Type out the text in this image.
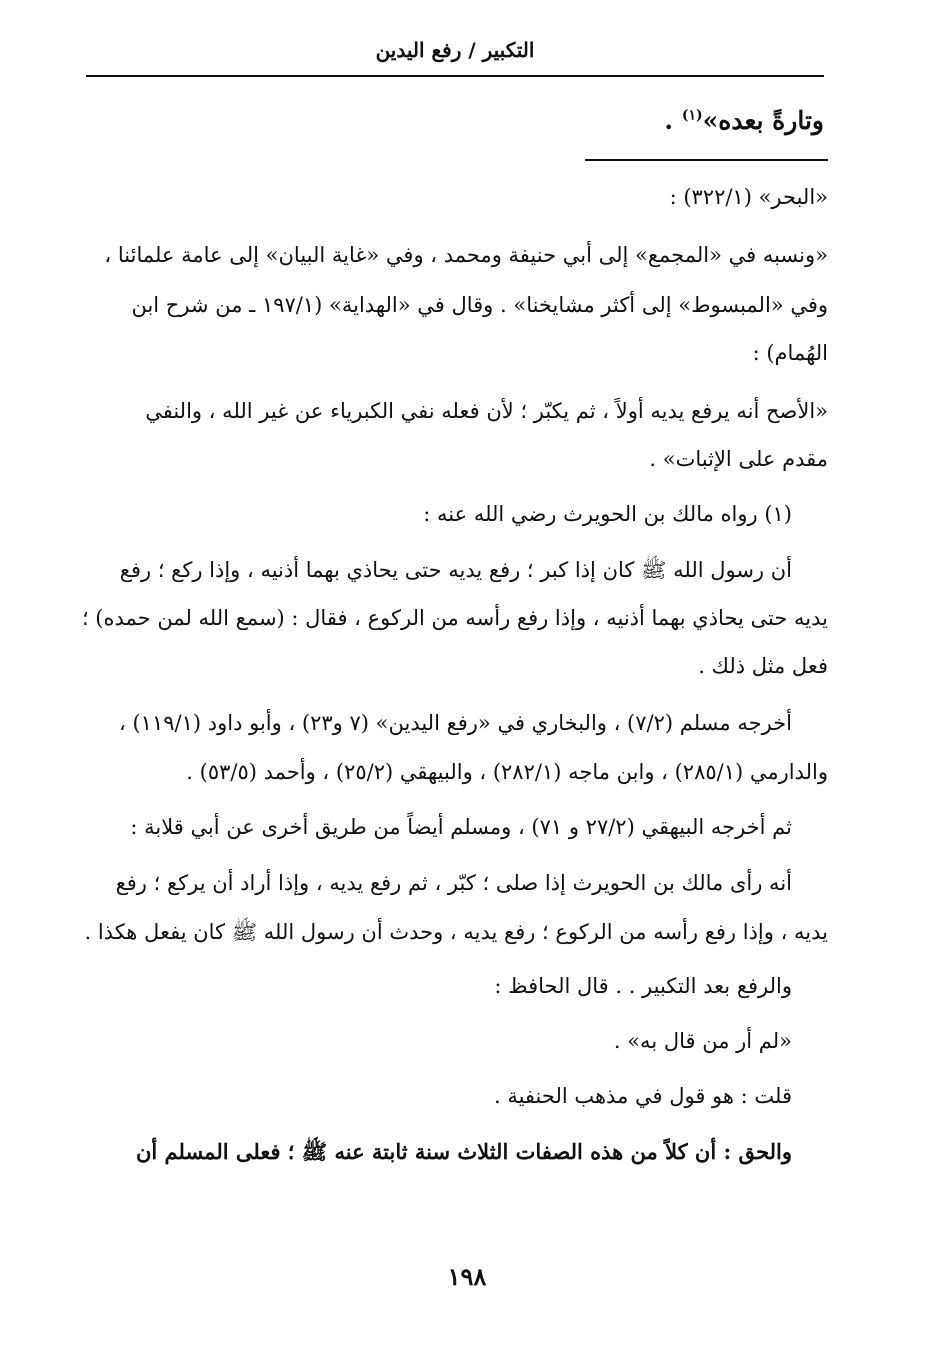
التكبير / رفع اليدين
وتارةً بعده»$^{(١)}$ .
«البحر» (٣٢٢/١) :
«ونسبه في «المجمع» إلى أبي حنيفة ومحمد ، وفي «غاية البيان» إلى عامة علمائنا ،
وفي «المبسوط» إلى أكثر مشايخنا» . وقال في «الهداية» (١٩٧/١ ـ من شرح ابن
الهُمام) :
«الأصح أنه يرفع يديه أولاً ، ثم يكبّر ؛ لأن فعله نفي الكبرياء عن غير الله ، والنفي
مقدم على الإثبات» .
(١) رواه مالك بن الحويرث رضي الله عنه :
أن رسول الله ﷺ كان إذا كبر ؛ رفع يديه حتى يحاذي بهما أذنيه ، وإذا ركع ؛ رفع
يديه حتى يحاذي بهما أذنيه ، وإذا رفع رأسه من الركوع ، فقال : (سمع الله لمن حمده) ؛
فعل مثل ذلك .
أخرجه مسلم (٧/٢) ، والبخاري في «رفع اليدين» (٧ و٢٣) ، وأبو داود (١١٩/١) ،
والدارمي (٢٨٥/١) ، وابن ماجه (٢٨٢/١) ، والبيهقي (٢٥/٢) ، وأحمد (٥٣/٥) .
ثم أخرجه البيهقي (٢٧/٢ و ٧١) ، ومسلم أيضاً من طريق أخرى عن أبي قلابة :
أنه رأى مالك بن الحويرث إذا صلى ؛ كبّر ، ثم رفع يديه ، وإذا أراد أن يركع ؛ رفع
يديه ، وإذا رفع رأسه من الركوع ؛ رفع يديه ، وحدث أن رسول الله ﷺ كان يفعل هكذا .
والرفع بعد التكبير . . قال الحافظ :
«لم أر من قال به» .
قلت : هو قول في مذهب الحنفية .
والحق : أن كلاً من هذه الصفات الثلاث سنة ثابتة عنه ﷺ ؛ فعلى المسلم أن
١٩٨
